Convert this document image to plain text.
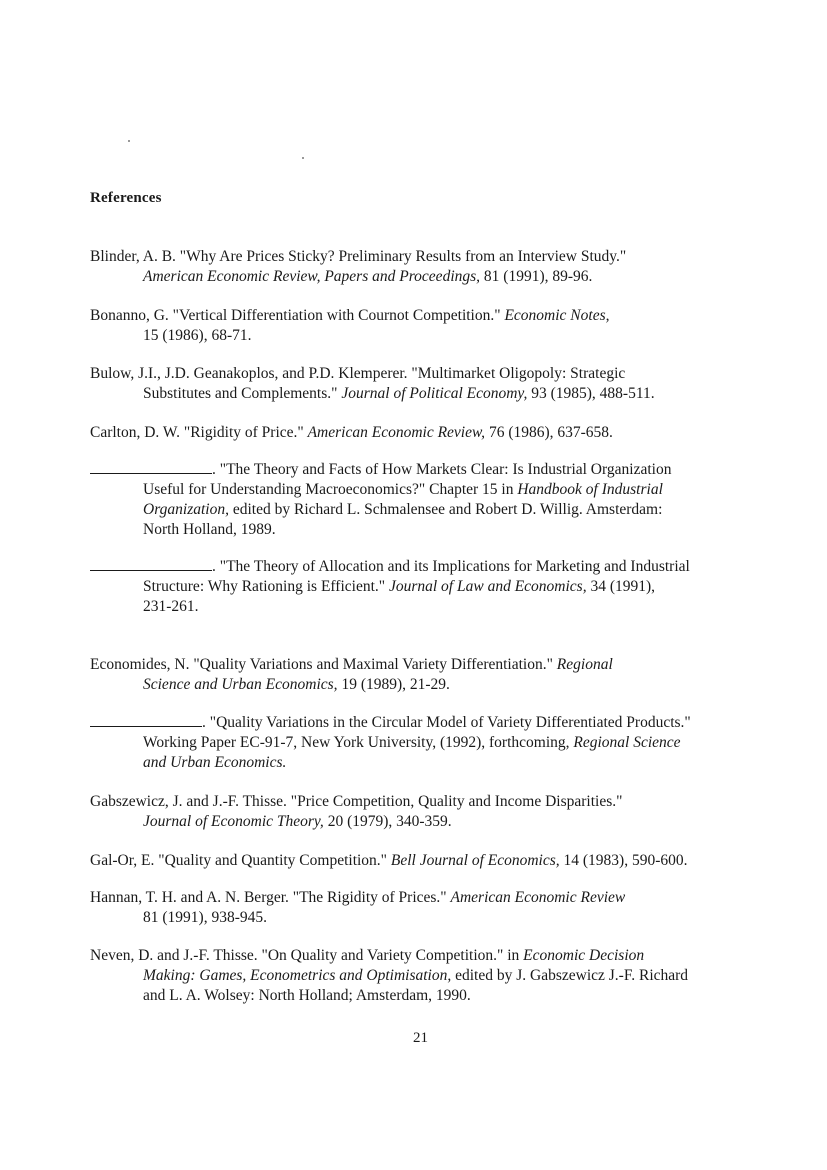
References
Blinder, A. B. "Why Are Prices Sticky? Preliminary Results from an Interview Study."
American Economic Review, Papers and Proceedings, 81 (1991), 89-96.
Bonanno, G. "Vertical Differentiation with Cournot Competition." Economic Notes,
15 (1986), 68-71.
Bulow, J.I., J.D. Geanakoplos, and P.D. Klemperer. "Multimarket Oligopoly: Strategic
Substitutes and Complements." Journal of Political Economy, 93 (1985), 488-511.
Carlton, D. W. "Rigidity of Price." American Economic Review, 76 (1986), 637-658.
. "The Theory and Facts of How Markets Clear: Is Industrial Organization
Useful for Understanding Macroeconomics?" Chapter 15 in Handbook of Industrial
Organization, edited by Richard L. Schmalensee and Robert D. Willig. Amsterdam:
North Holland, 1989.
. "The Theory of Allocation and its Implications for Marketing and Industrial
Structure: Why Rationing is Efficient." Journal of Law and Economics, 34 (1991),
231-261.
Economides, N. "Quality Variations and Maximal Variety Differentiation." Regional
Science and Urban Economics, 19 (1989), 21-29.
. "Quality Variations in the Circular Model of Variety Differentiated Products."
Working Paper EC-91-7, New York University, (1992), forthcoming, Regional Science
and Urban Economics.
Gabszewicz, J. and J.-F. Thisse. "Price Competition, Quality and Income Disparities."
Journal of Economic Theory, 20 (1979), 340-359.
Gal-Or, E. "Quality and Quantity Competition." Bell Journal of Economics, 14 (1983), 590-600.
Hannan, T. H. and A. N. Berger. "The Rigidity of Prices." American Economic Review
81 (1991), 938-945.
Neven, D. and J.-F. Thisse. "On Quality and Variety Competition." in Economic Decision
Making: Games, Econometrics and Optimisation, edited by J. Gabszewicz J.-F. Richard
and L. A. Wolsey: North Holland; Amsterdam, 1990.
21
